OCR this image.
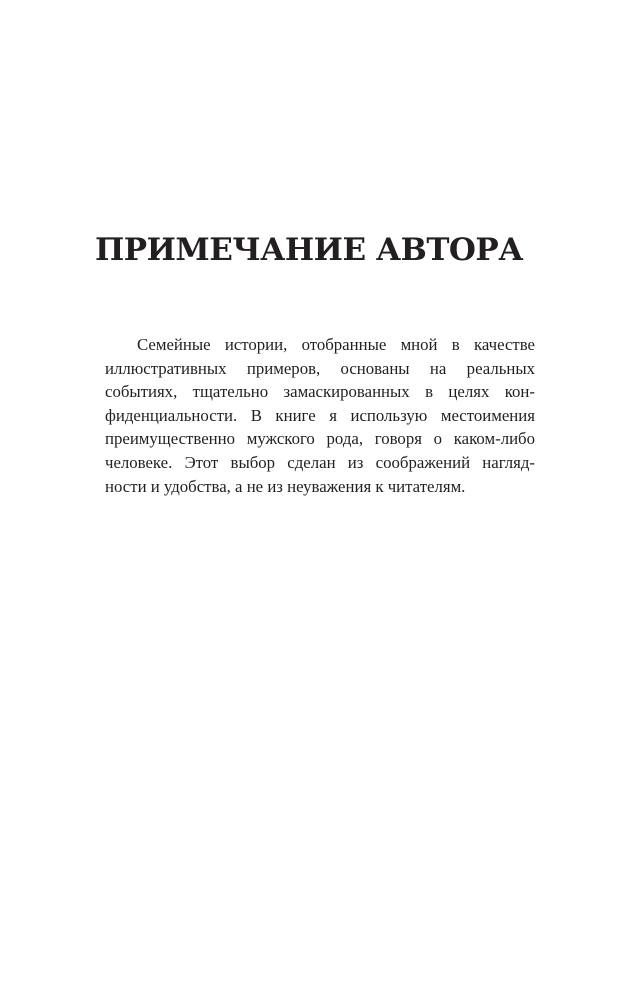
ПРИМЕЧАНИЕ АВТОРА
Семейные истории, отобранные мной в качестве
иллюстративных примеров, основаны на реальных
событиях, тщательно замаскированных в целях кон-
фиденциальности. В книге я использую местоимения
преимущественно мужского рода, говоря о каком-либо
человеке. Этот выбор сделан из соображений нагляд-
ности и удобства, а не из неуважения к читателям.
